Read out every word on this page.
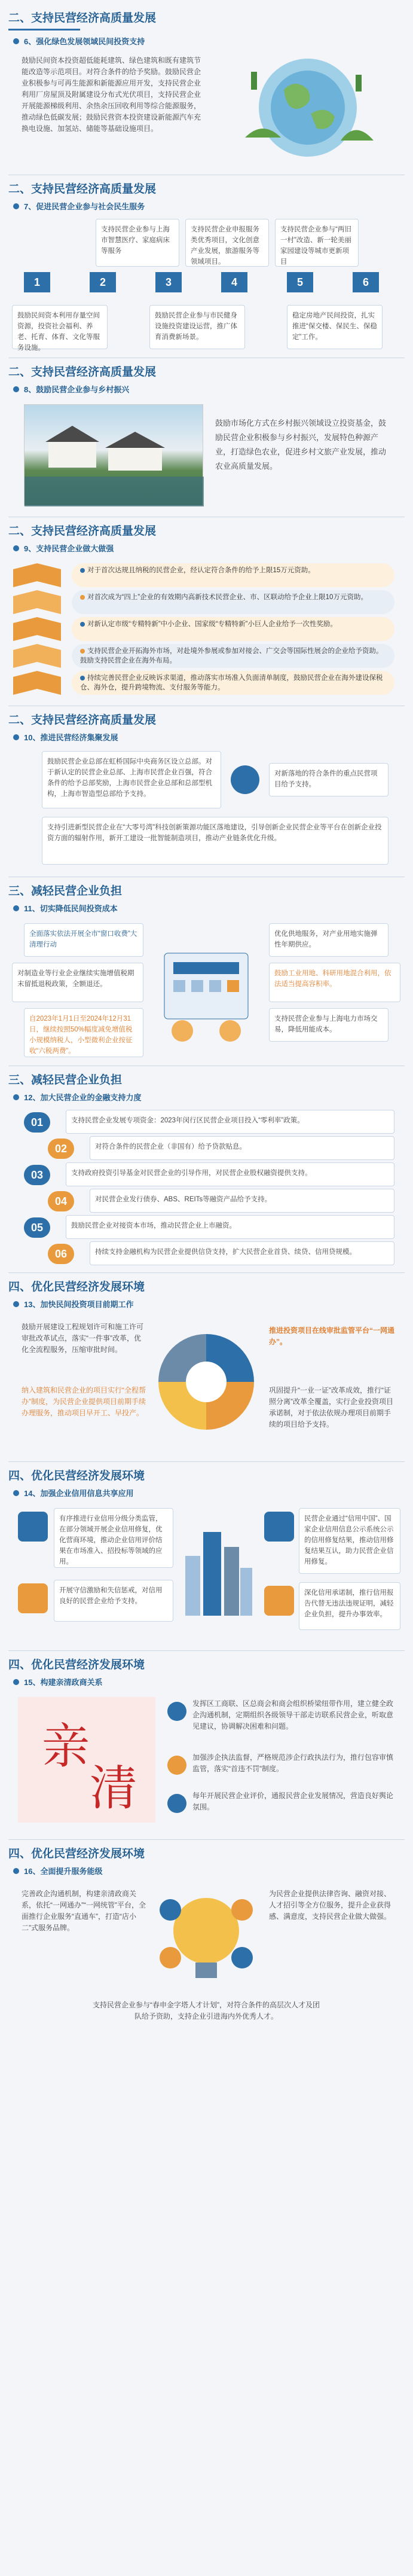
二、支持民营经济高质量发展
6、强化绿色发展领域民间投资支持
鼓励民间资本投资超低能耗建筑、绿色建筑和既有建筑节能改造等示范项目。对符合条件的给予奖励。鼓励民营企业积极参与可再生能源和新能源应用开发，支持民营企业利用厂房屋顶及附属建设分布式光伏项目，支持民营企业开展能源梯级利用、余热余压回收利用等综合能源服务，推动绿色低碳发展；鼓励民营资本投资建设新能源汽车充换电设施、加氢站、储能等基础设施项目。
二、支持民营经济高质量发展
7、促进民营企业参与社会民生服务
支持民营企业参与上海市智慧医疗、家庭病床等服务
支持民营企业申报服务类优秀项目，文化创意产业发展，旅游服务等领域项目。
支持民营企业参与“两旧一村”改造、新一轮美丽家园建设等城市更新项目
1	2	3	4	5	6
鼓励民间资本利用存量空间资源，投资社会福利、养老、托育、体育、文化等服务设施。
鼓励民营企业参与市民健身设施投资建设运营，推广体育消费新场景。
稳定房地产民间投资，扎实推进“保交楼、保民生、保稳定”工作。
二、支持民营经济高质量发展
8、鼓励民营企业参与乡村振兴
鼓励市场化方式在乡村振兴领域设立投资基金，鼓励民营企业积极参与乡村振兴，发展特色种源产业，打造绿色农业，促进乡村文旅产业发展，推动农业高质量发展。
二、支持民营经济高质量发展
9、支持民营企业做大做强
对于首次达规且纳税的民营企业，经认定符合条件的给予上限15万元资助。
对首次成为“四上”企业的有效期内高新技术民营企业、市、区联动给予企业上限10万元资助。
对新认定市级“专精特新”中小企业、国家级“专精特新”小巨人企业给予一次性奖励。
支持民营企业开拓海外市场，对赴境外参展或参加对接会、广交会等国际性展会的企业给予资助。鼓励支持民营企业在海外布局。
持续完善民营企业反映诉求渠道，推动落实市场准入负面清单制度，鼓励民营企业在海外建设保税仓、海外仓，提升跨境物流、支付服务等能力。
二、支持民营经济高质量发展
10、推进民营经济集聚发展
鼓励民营企业总部在虹桥国际中央商务区设立总部。对于新认定的民营企业总部、上海市民营企业百强，符合条件的给予总部奖励，上海市民营企业总部和总部型机构，上海市智造型总部给予支持。
对新落地的符合条件的重点民营项目给予支持。
支持引进新型民营企业在“大零号湾”科技创新策源功能区落地建设，引导创新企业民营企业等平台在创新企业投资方面的辐射作用，新开工建设一批智能制造项目，推动产业链条优化升级。
三、减轻民营企业负担
11、切实降低民间投资成本
全面落实依法开展全市“窗口收费”大清理行动
对制造业等行业企业继续实施增值税期末留抵退税政策，全额退还。
自2023年1月1日至2024年12月31日，继续按照50%幅度减免增值税小规模纳税人，小型微利企业按征收“六税两费”。
优化供地服务，对产业用地实施弹性年期供应。
鼓励工业用地、科研用地混合利用，依法适当提高容积率。
支持民营企业参与上海电力市场交易，降低用能成本。
三、减轻民营企业负担
12、加大民营企业的金融支持力度
01	支持民营企业发展专项资金：2023年闵行区民营企业项目投入“零利率”政策。
02	对符合条件的民营企业（非国有）给予贷款贴息。
03	支持政府投资引导基金对民营企业的引导作用，对民营企业股权融资提供支持。
04	对民营企业发行债券、ABS、REITs等融资产品给予支持。
05	鼓励民营企业对接资本市场，推动民营企业上市融资。
06	持续支持金融机构为民营企业提供信贷支持，扩大民营企业首贷、续贷、信用贷规模。
四、优化民营经济发展环境
13、加快民间投资项目前期工作
鼓励开展建设工程规划许可和施工许可审批改革试点，落实“一件事”改革，优化全流程服务，压缩审批时间。
纳入建筑和民营企业的项目实行“全程帮办”制度，为民营企业提供项目前期手续办理服务，推动项目早开工、早投产。
推进投资项目在线审批监管平台“一网通办”。
巩固提升“一业一证”改革成效，推行“证照分离”改革全覆盖，实行企业投资项目承诺制，对于依法依规办理项目前期手续的项目给予支持。
四、优化民营经济发展环境
14、加强企业信用信息共享应用
有序推进行业信用分级分类监管，在部分领域开展企业信用修复，优化营商环境，推动企业信用评价结果在市场准入、招投标等领域的应用。
开展守信激励和失信惩戒，对信用良好的民营企业给予支持。
民营企业通过“信用中国”、国家企业信用信息公示系统公示的信用修复结果，推动信用修复结果互认，助力民营企业信用修复。
深化信用承诺制，推行信用报告代替无违法违规证明，减轻企业负担，提升办事效率。
四、优化民营经济发展环境
15、构建亲清政商关系
亲
清
发挥区工商联、区总商会和商会组织桥梁纽带作用，建立健全政企沟通机制，定期组织各级领导干部走访联系民营企业，听取意见建议，协调解决困难和问题。
加强涉企执法监督，严格规范涉企行政执法行为，推行包容审慎监管，落实“首违不罚”制度。
每年开展民营企业评价，通报民营企业发展情况，营造良好舆论氛围。
四、优化民营经济发展环境
16、全面提升服务能级
完善政企沟通机制，构建亲清政商关系，依托“一网通办”“一网统管”平台，全面推行企业服务“直通车”，打造“店小二”式服务品牌。
为民营企业提供法律咨询、融资对接、人才招引等全方位服务，提升企业获得感、满意度，支持民营企业做大做强。
支持民营企业参与“春申金字塔人才计划”，对符合条件的高层次人才及团队给予资助，支持企业引进海内外优秀人才。
